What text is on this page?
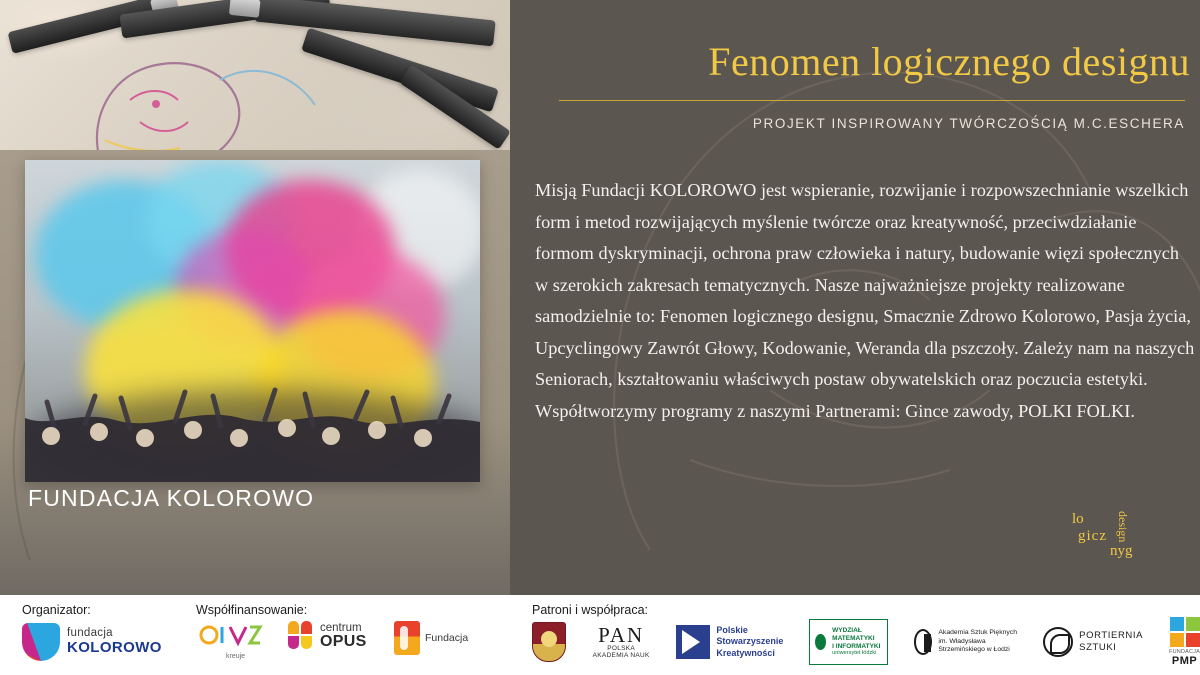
FUNDACJA KOLOROWO
Fenomen logicznego designu
PROJEKT INSPIROWANY TWÓRCZOŚCIĄ M.C.ESCHERA

Misją Fundacji KOLOROWO jest wspieranie, rozwijanie i rozpowszechnianie wszelkich form i metod rozwijających myślenie twórcze oraz kreatywność, przeciwdziałanie formom dyskryminacji, ochrona praw człowieka i natury, budowanie więzi społecznych w szerokich zakresach tematycznych. Nasze najważniejsze projekty realizowane samodzielnie to: Fenomen logicznego designu, Smacznie Zdrowo Kolorowo, Pasja życia, Upcyclingowy Zawrót Głowy, Kodowanie, Weranda dla pszczoły. Zależy nam na naszych Seniorach, kształtowaniu właściwych postaw obywatelskich oraz poczucia estetyki. Współtworzymy programy z naszymi Partnerami: Gince zawody, POLKI FOLKI.

lo
gicz
nyg
design
Organizator:	Współfinansowanie:
fundacja
KOLOROWO
kreuje
centrum
OPUS	Fundacja
Patroni i współpraca:
PAN
POLSKA AKADEMIA NAUK
Polskie
Stowarzyszenie
Kreatywności
WYDZIAŁ MATEMATYKI
I INFORMATYKI
uniwersytet łódzki
Akademia Sztuk Pięknych
im. Władysława Strzemińskiego w Łodzi
PORTIERNIA
SZTUKI	FUNDACJA
PMP
